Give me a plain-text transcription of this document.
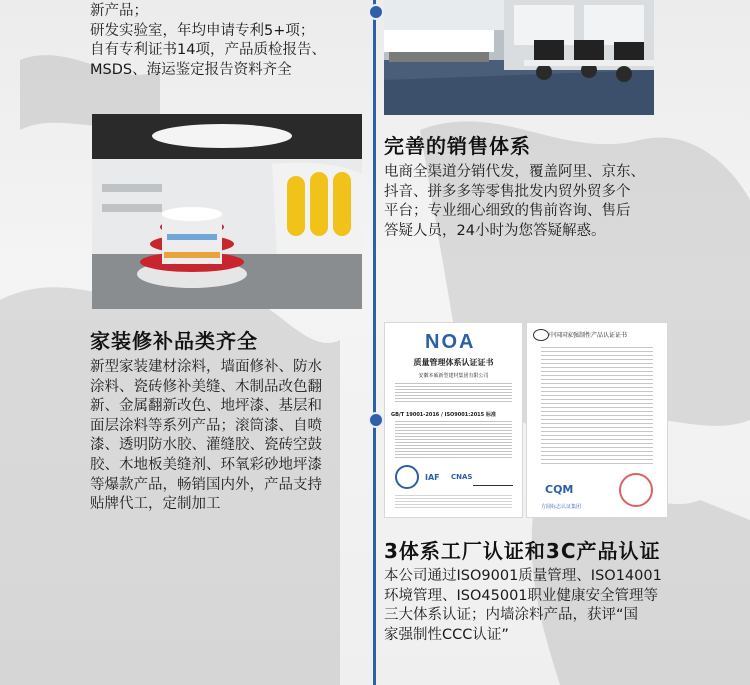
新产品；
研发实验室，年均申请专利5+项；
自有专利证书14项，产品质检报告、
MSDS、海运鉴定报告资料齐全
完善的销售体系
电商全渠道分销代发，覆盖阿里、京东、
抖音、拼多多等零售批发内贸外贸多个
平台；专业细心细致的售前咨询、售后
答疑人员，24小时为您答疑解惑。
家装修补品类齐全
新型家装建材涂料，墙面修补、防水
涂料、瓷砖修补美缝、木制品改色翻
新、金属翻新改色、地坪漆、基层和
面层涂料等系列产品；滚筒漆、自喷
漆、透明防水胶、灌缝胶、瓷砖空鼓
胶、木地板美缝剂、环氧彩砂地坪漆
等爆款产品，畅销国内外，产品支持
贴牌代工，定制加工
NOA
质量管理体系认证证书
安徽本硕新型建材集团有限公司
GB/T 19001-2016 / ISO9001:2015 标准
IAF CNAS
中国国家强制性产品认证证书
CQM
方圆标志认证集团
3体系工厂认证和3C产品认证
本公司通过ISO9001质量管理、ISO14001
环境管理、ISO45001职业健康安全管理等
三大体系认证；内墙涂料产品，获评“国
家强制性CCC认证”
